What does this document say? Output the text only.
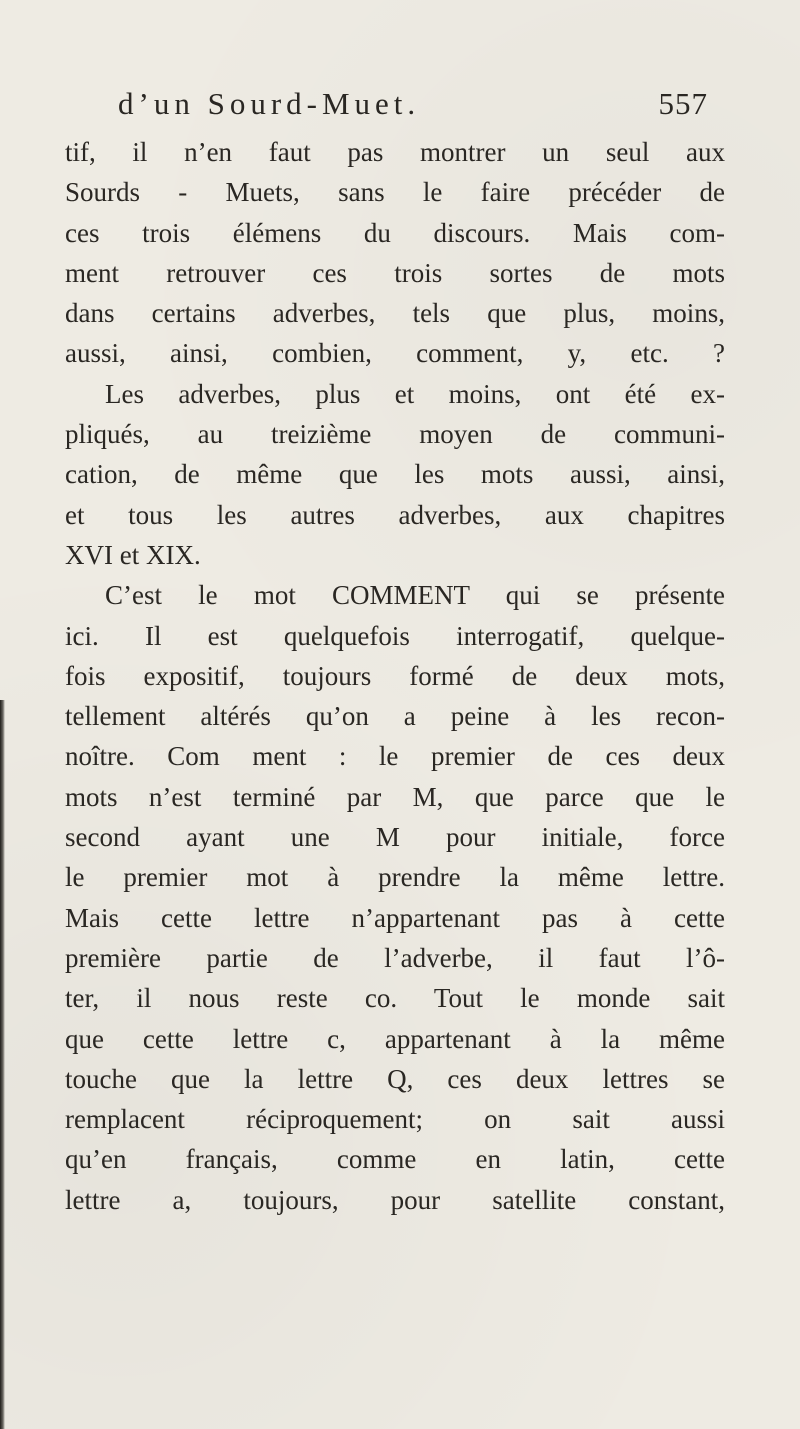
d’un Sourd-Muet.	557
tif, il n’en faut pas montrer un seul aux
Sourds - Muets, sans le faire précéder de
ces trois élémens du discours. Mais com-
ment retrouver ces trois sortes de mots
dans certains adverbes, tels que plus, moins,
aussi, ainsi, combien, comment, y, etc. ?
Les adverbes, plus et moins, ont été ex-
pliqués, au treizième moyen de communi-
cation, de même que les mots aussi, ainsi,
et tous les autres adverbes, aux chapitres
XVI et XIX.
C’est le mot COMMENT qui se présente
ici. Il est quelquefois interrogatif, quelque-
fois expositif, toujours formé de deux mots,
tellement altérés qu’on a peine à les recon-
noître. Com ment : le premier de ces deux
mots n’est terminé par M, que parce que le
second ayant une M pour initiale, force
le premier mot à prendre la même lettre.
Mais cette lettre n’appartenant pas à cette
première partie de l’adverbe, il faut l’ô-
ter, il nous reste co. Tout le monde sait
que cette lettre c, appartenant à la même
touche que la lettre Q, ces deux lettres se
remplacent réciproquement; on sait aussi
qu’en français, comme en latin, cette
lettre a, toujours, pour satellite constant,
